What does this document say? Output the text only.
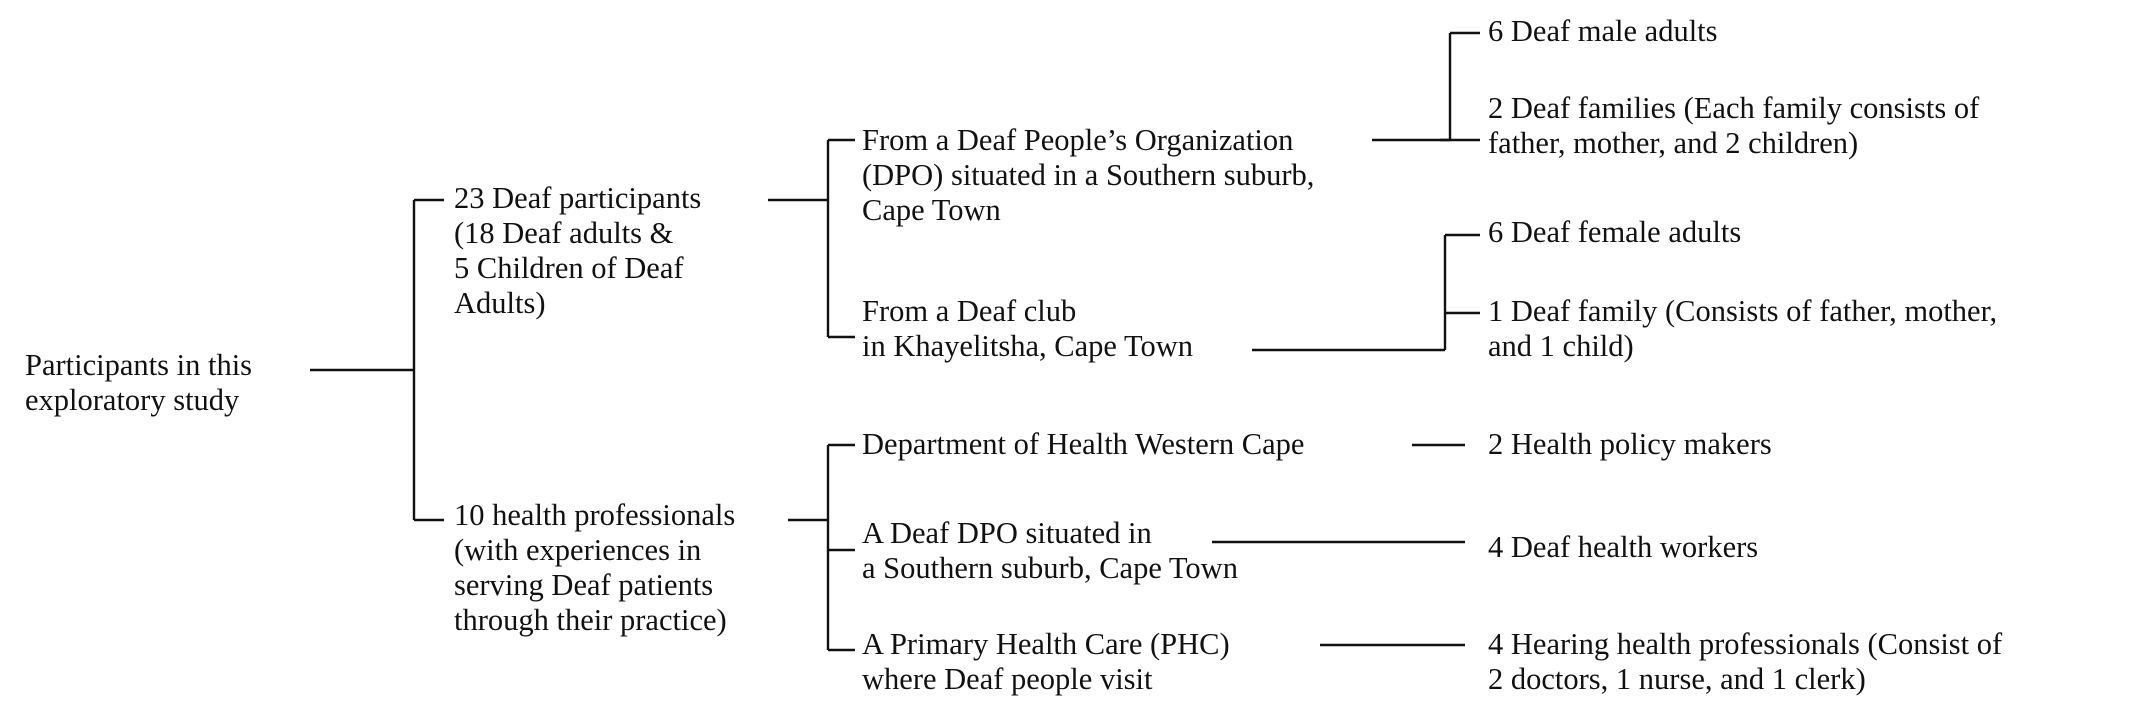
Participants in this
exploratory study

23 Deaf participants
(18 Deaf adults &
5 Children of Deaf
Adults)

10 health professionals
(with experiences in
serving Deaf patients
through their practice)

From a Deaf People’s Organization
(DPO) situated in a Southern suburb,
Cape Town

From a Deaf club
in Khayelitsha, Cape Town

Department of Health Western Cape

A Deaf DPO situated in
a Southern suburb, Cape Town

A Primary Health Care (PHC)
where Deaf people visit

6 Deaf male adults

2 Deaf families (Each family consists of
father, mother, and 2 children)

6 Deaf female adults

1 Deaf family (Consists of father, mother,
and 1 child)

2 Health policy makers

4 Deaf health workers

4 Hearing health professionals (Consist of
2 doctors, 1 nurse, and 1 clerk)
